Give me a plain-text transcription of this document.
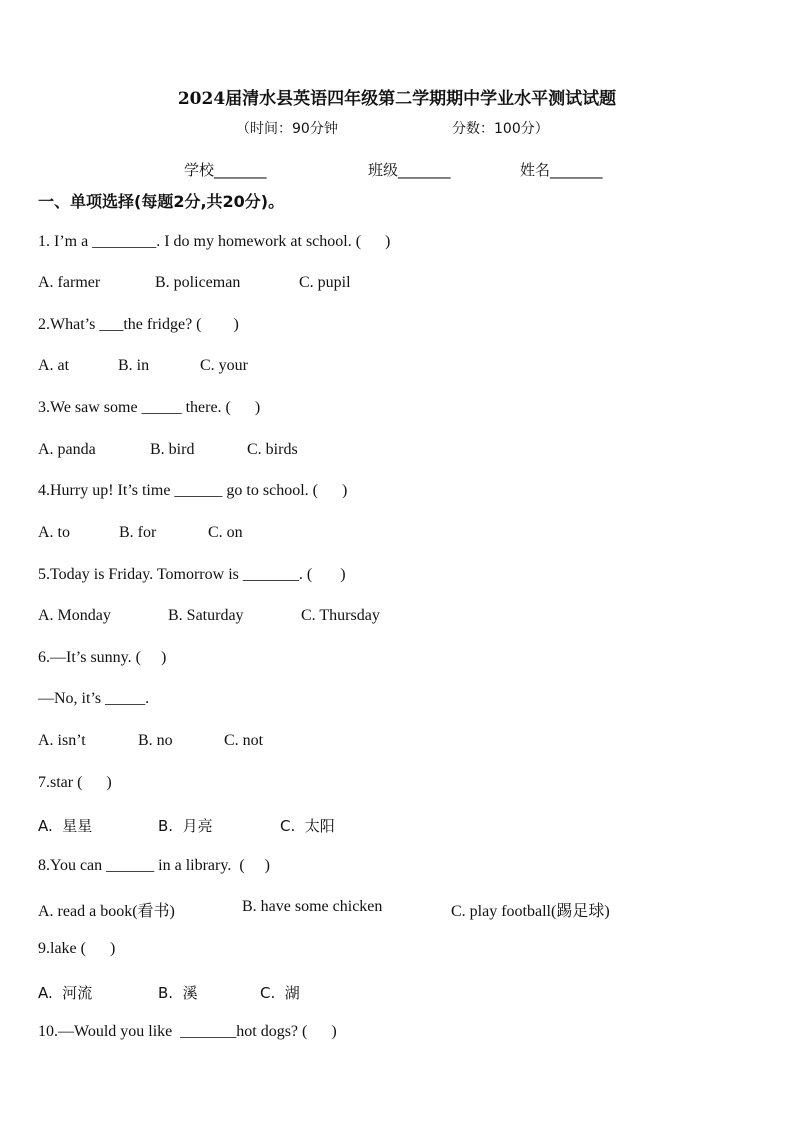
2024届清水县英语四年级第二学期期中学业水平测试试题
（时间：90分钟	分数：100分）
学校_______	班级_______	姓名_______
一、单项选择(每题2分,共20分)。
1. I’m a ________. I do my homework at school. (      )
A. farmer	B. policeman	C. pupil
2.What’s ___the fridge? (        )
A. at	B. in	C. your
3.We saw some _____ there. (      )
A. panda	B. bird	C. birds
4.Hurry up! It’s time ______ go to school. (      )
A. to	B. for	C. on
5.Today is Friday. Tomorrow is _______. (       )
A. Monday	B. Saturday	C. Thursday
6.—It’s sunny. (     )
—No, it’s _____.
A. isn’t	B. no	C. not
7.star (      )
A.  星星	B.  月亮	C.  太阳
8.You can ______ in a library.  (     )
A. read a book(看书)	B. have some chicken	C. play football(踢足球)
9.lake (      )
A.  河流	B.  溪	C.  湖
10.—Would you like  _______hot dogs? (      )
